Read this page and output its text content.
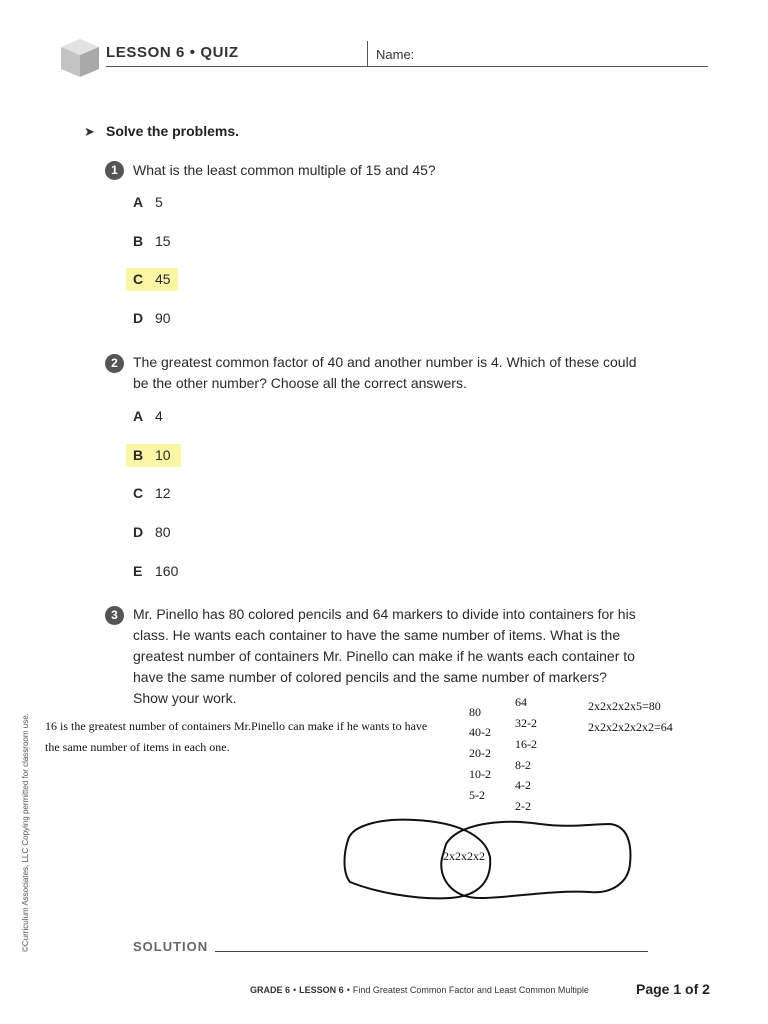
LESSON 6 • QUIZ	Name:
➤ Solve the problems.
1	What is the least common multiple of 15 and 45?
A 5
B 15
C 45
D 90
2	The greatest common factor of 40 and another number is 4. Which of these could
be the other number? Choose all the correct answers.
A 4
B 10
C 12
D 80
E 160
3	Mr. Pinello has 80 colored pencils and 64 markers to divide into containers for his
class. He wants each container to have the same number of items. What is the
greatest number of containers Mr. Pinello can make if he wants each container to
have the same number of colored pencils and the same number of markers?
Show your work.
16 is the greatest number of containers Mr.Pinello can make if he wants to have
the same number of items in each one.
80
40-2
20-2
10-2
5-2
64
32-2
16-2
8-2
4-2
2-2
2x2x2x2x5=80
2x2x2x2x2x2=64
2x2x2x2
SOLUTION
©Curriculum Associates, LLC Copying permitted for classroom use.
GRADE 6 • LESSON 6 • Find Greatest Common Factor and Least Common Multiple	Page 1 of 2
